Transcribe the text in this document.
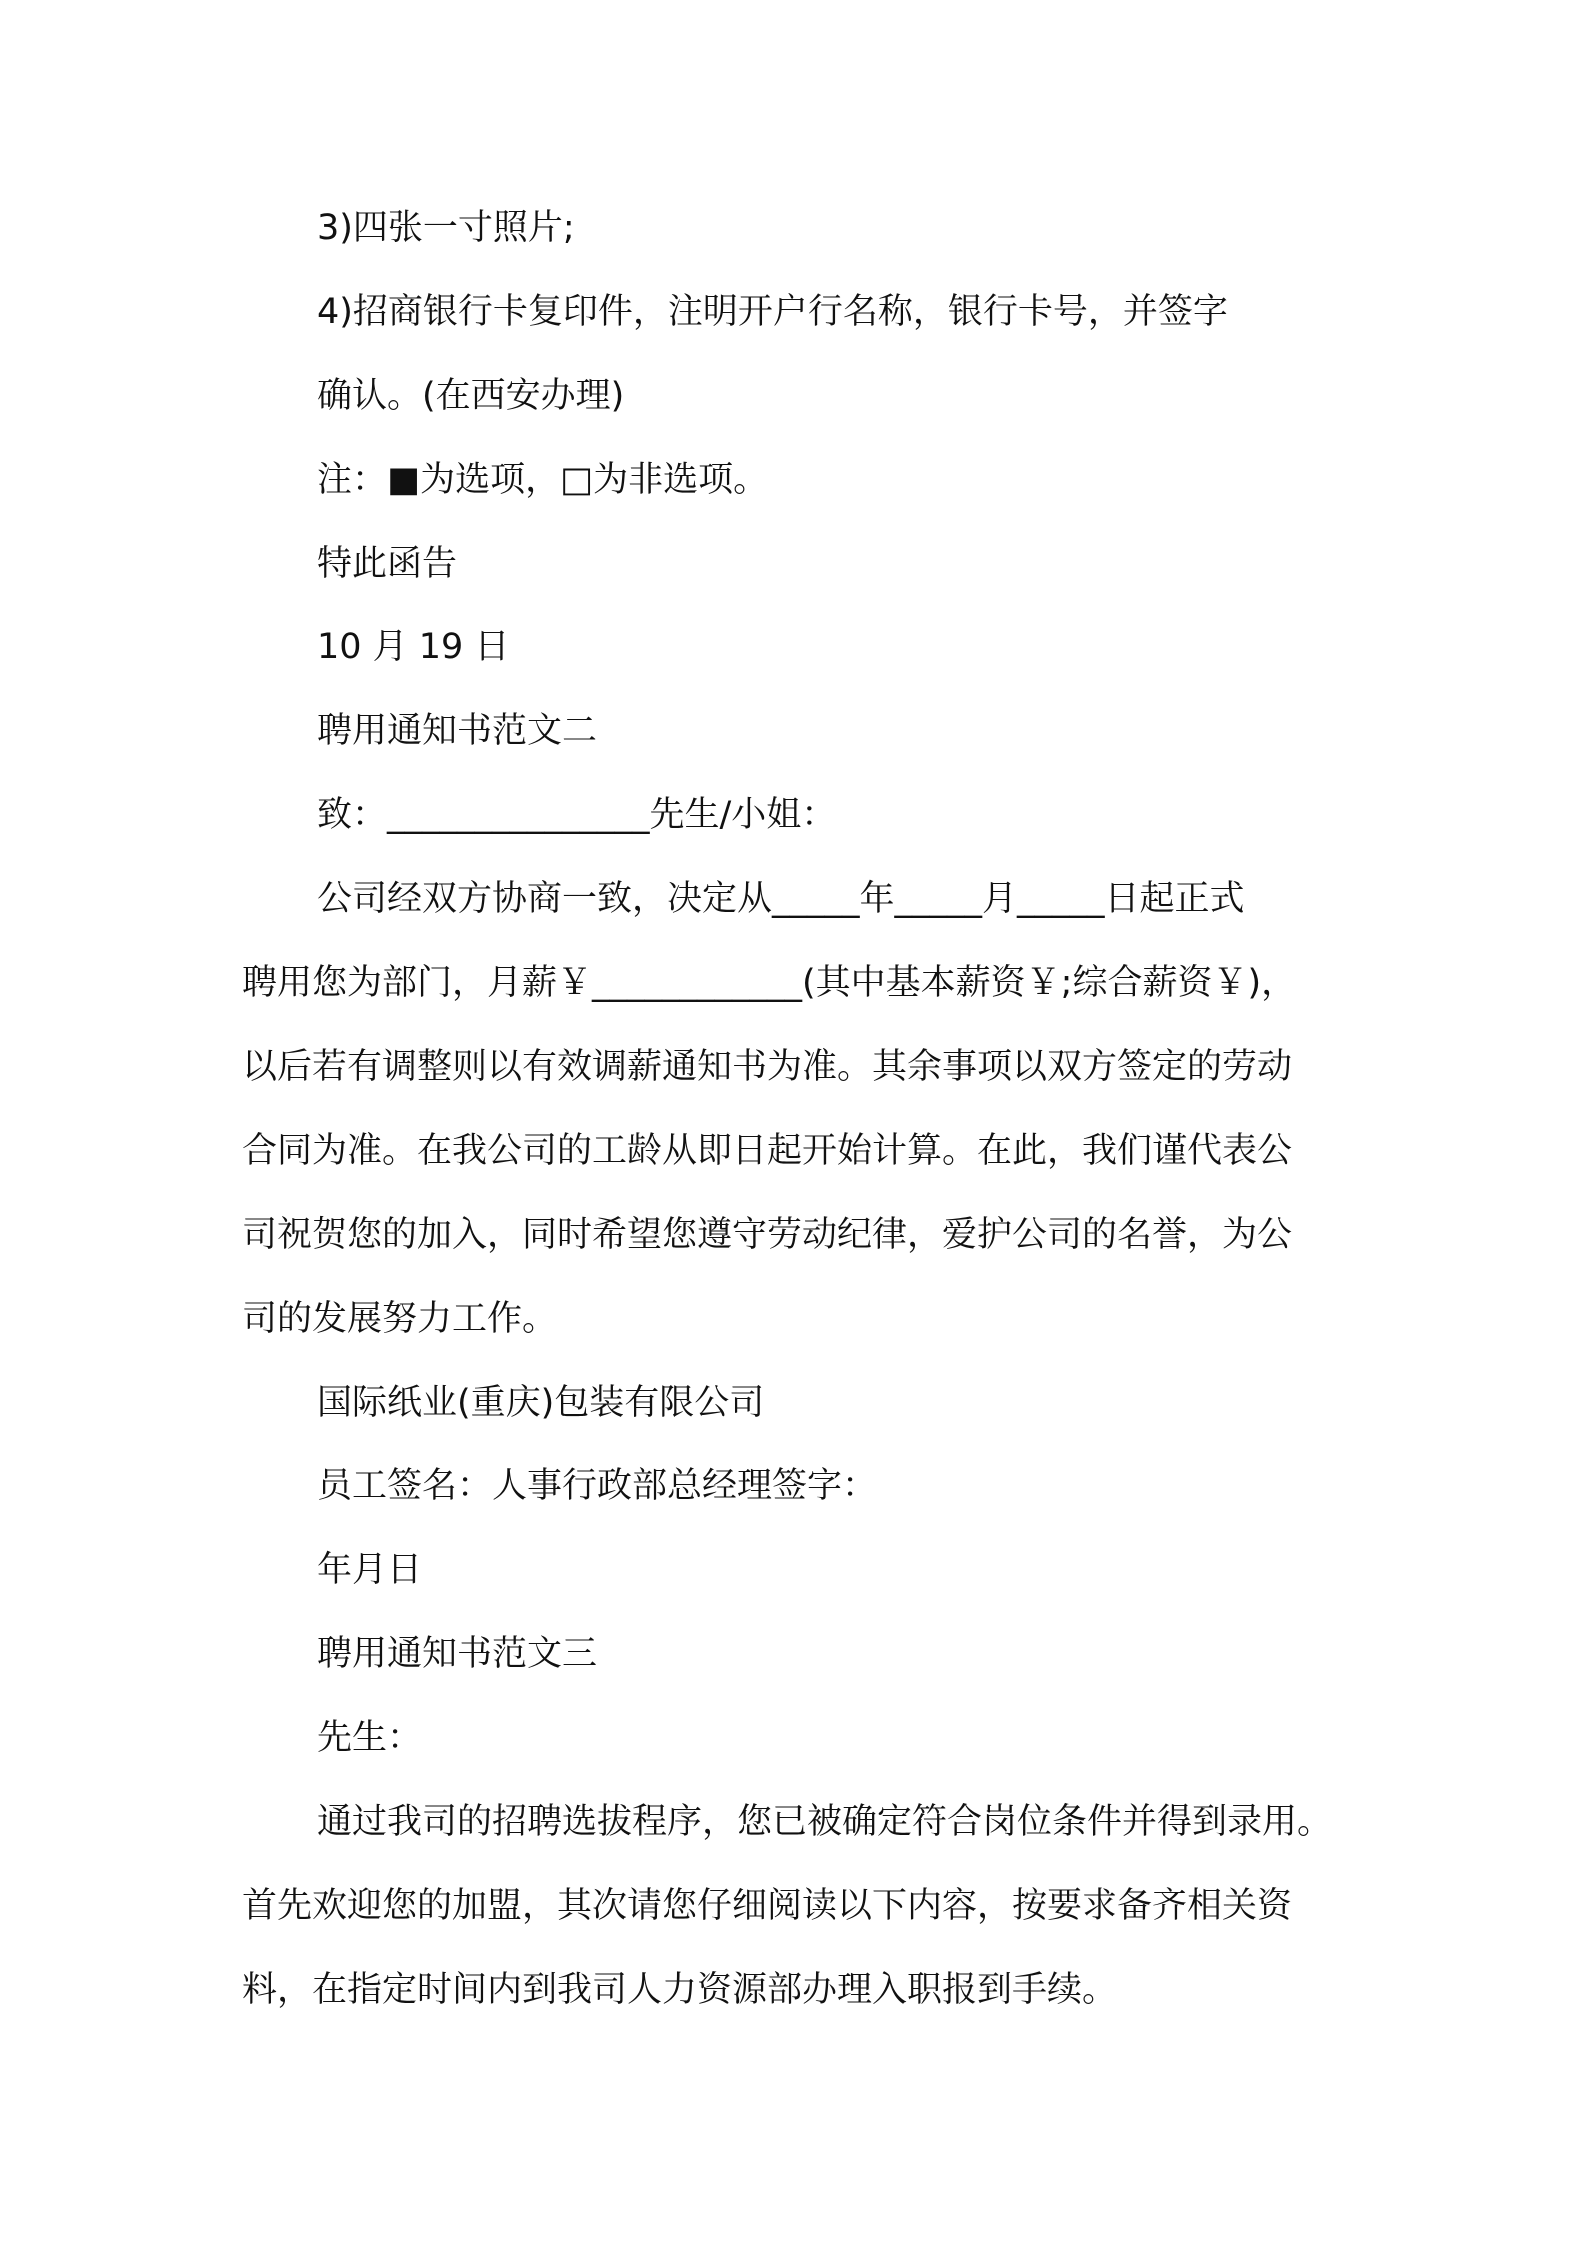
3)四张一寸照片;
4)招商银行卡复印件，注明开户行名称，银行卡号，并签字
确认。(在西安办理)
注：■为选项，□为非选项。
特此函告
10 月 19 日
聘用通知书范文二
致：_______________先生/小姐：
公司经双方协商一致，决定从_____年_____月_____日起正式
聘用您为部门，月薪￥____________(其中基本薪资￥;综合薪资￥)，
以后若有调整则以有效调薪通知书为准。其余事项以双方签定的劳动
合同为准。在我公司的工龄从即日起开始计算。在此，我们谨代表公
司祝贺您的加入，同时希望您遵守劳动纪律，爱护公司的名誉，为公
司的发展努力工作。
国际纸业(重庆)包装有限公司
员工签名：人事行政部总经理签字：
年月日
聘用通知书范文三
先生：
通过我司的招聘选拔程序，您已被确定符合岗位条件并得到录用。
首先欢迎您的加盟，其次请您仔细阅读以下内容，按要求备齐相关资
料，在指定时间内到我司人力资源部办理入职报到手续。
